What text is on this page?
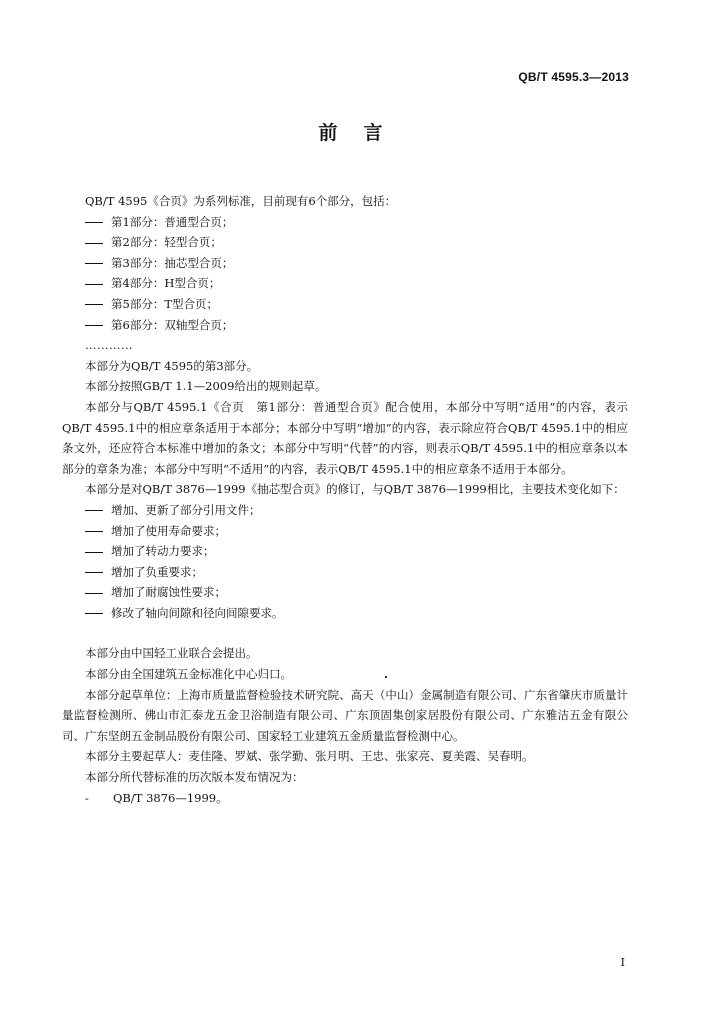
QB/T 4595.3—2013
前言

QB/T 4595《合页》为系列标准，目前现有6个部分，包括：

第1部分：普通型合页；
第2部分：轻型合页；
第3部分：抽芯型合页；
第4部分：H型合页；
第5部分：T型合页；
第6部分：双轴型合页；
…………

本部分为QB/T 4595的第3部分。

本部分按照GB/T 1.1—2009给出的规则起草。

本部分与QB/T 4595.1《合页　第1部分：普通型合页》配合使用，本部分中写明“适用”的内容，表示QB/T 4595.1中的相应章条适用于本部分；本部分中写明“增加”的内容，表示除应符合QB/T 4595.1中的相应条文外，还应符合本标准中增加的条文；本部分中写明“代替”的内容，则表示QB/T 4595.1中的相应章条以本部分的章条为准；本部分中写明“不适用”的内容，表示QB/T 4595.1中的相应章条不适用于本部分。

本部分是对QB/T 3876—1999《抽芯型合页》的修订，与QB/T 3876—1999相比，主要技术变化如下：

增加、更新了部分引用文件；
增加了使用寿命要求；
增加了转动力要求；
增加了负重要求；
增加了耐腐蚀性要求；
修改了轴向间隙和径向间隙要求。

本部分由中国轻工业联合会提出。

本部分由全国建筑五金标准化中心归口。

本部分起草单位：上海市质量监督检验技术研究院、高天（中山）金属制造有限公司、广东省肇庆市质量计量监督检测所、佛山市汇泰龙五金卫浴制造有限公司、广东顶固集创家居股份有限公司、广东雅洁五金有限公司、广东坚朗五金制品股份有限公司、国家轻工业建筑五金质量监督检测中心。

本部分主要起草人：麦佳隆、罗斌、张学勤、张月明、王忠、张家亮、夏美霞、吴春明。

本部分所代替标准的历次版本发布情况为：

- QB/T 3876—1999。
I
